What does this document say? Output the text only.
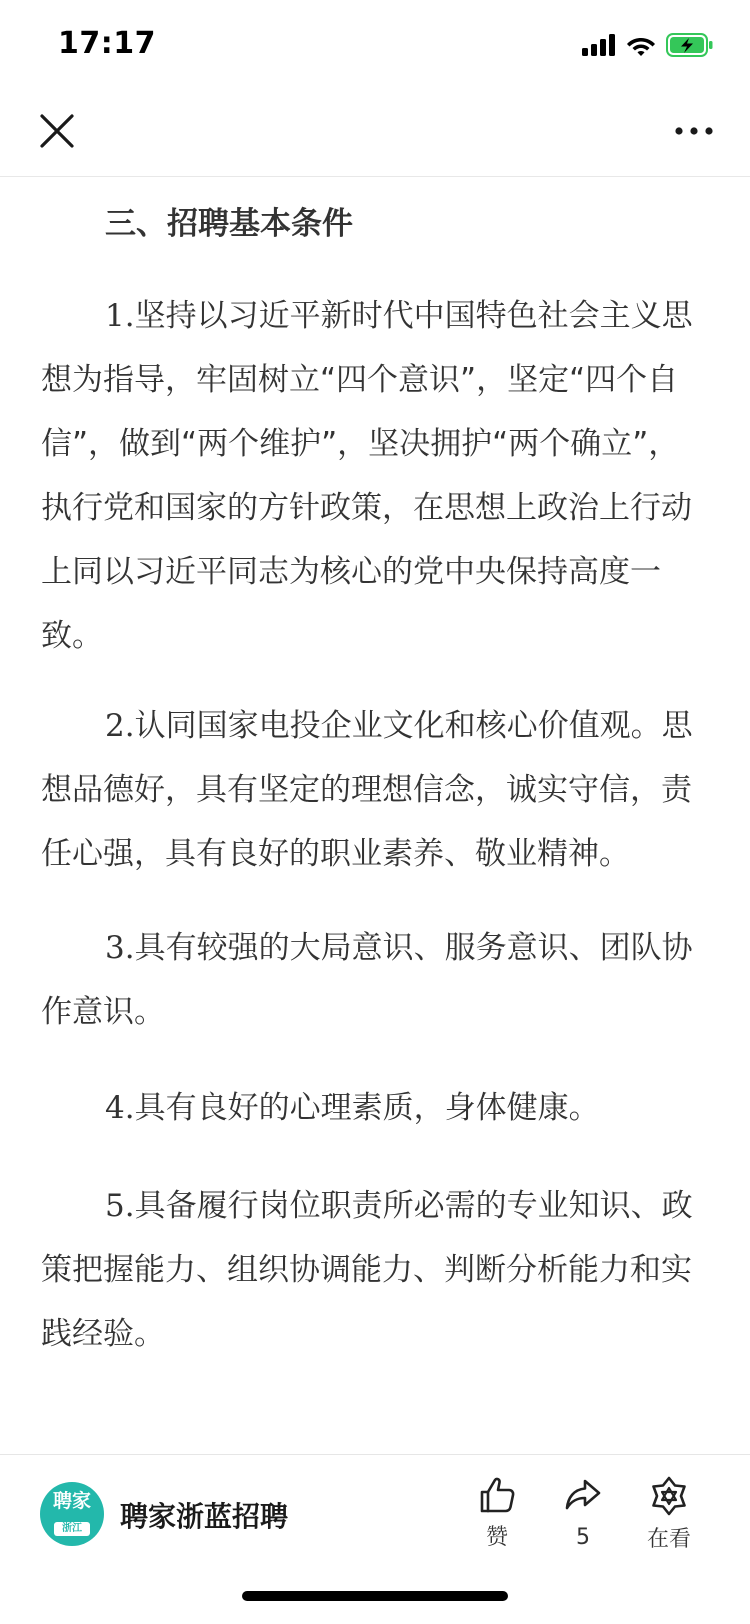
17:17
三、招聘基本条件

1.坚持以习近平新时代中国特色社会主义思想为指导，牢固树立“四个意识”，坚定“四个自信”，做到“两个维护”，坚决拥护“两个确立”，执行党和国家的方针政策，在思想上政治上行动上同以习近平同志为核心的党中央保持高度一致。

2.认同国家电投企业文化和核心价值观。思想品德好，具有坚定的理想信念，诚实守信，责任心强，具有良好的职业素养、敬业精神。

3.具有较强的大局意识、服务意识、团队协作意识。

4.具有良好的心理素质，身体健康。

5.具备履行岗位职责所必需的专业知识、政策把握能力、组织协调能力、判断分析能力和实践经验。

聘家
浙江 聘家浙蓝招聘
赞	5	在看
